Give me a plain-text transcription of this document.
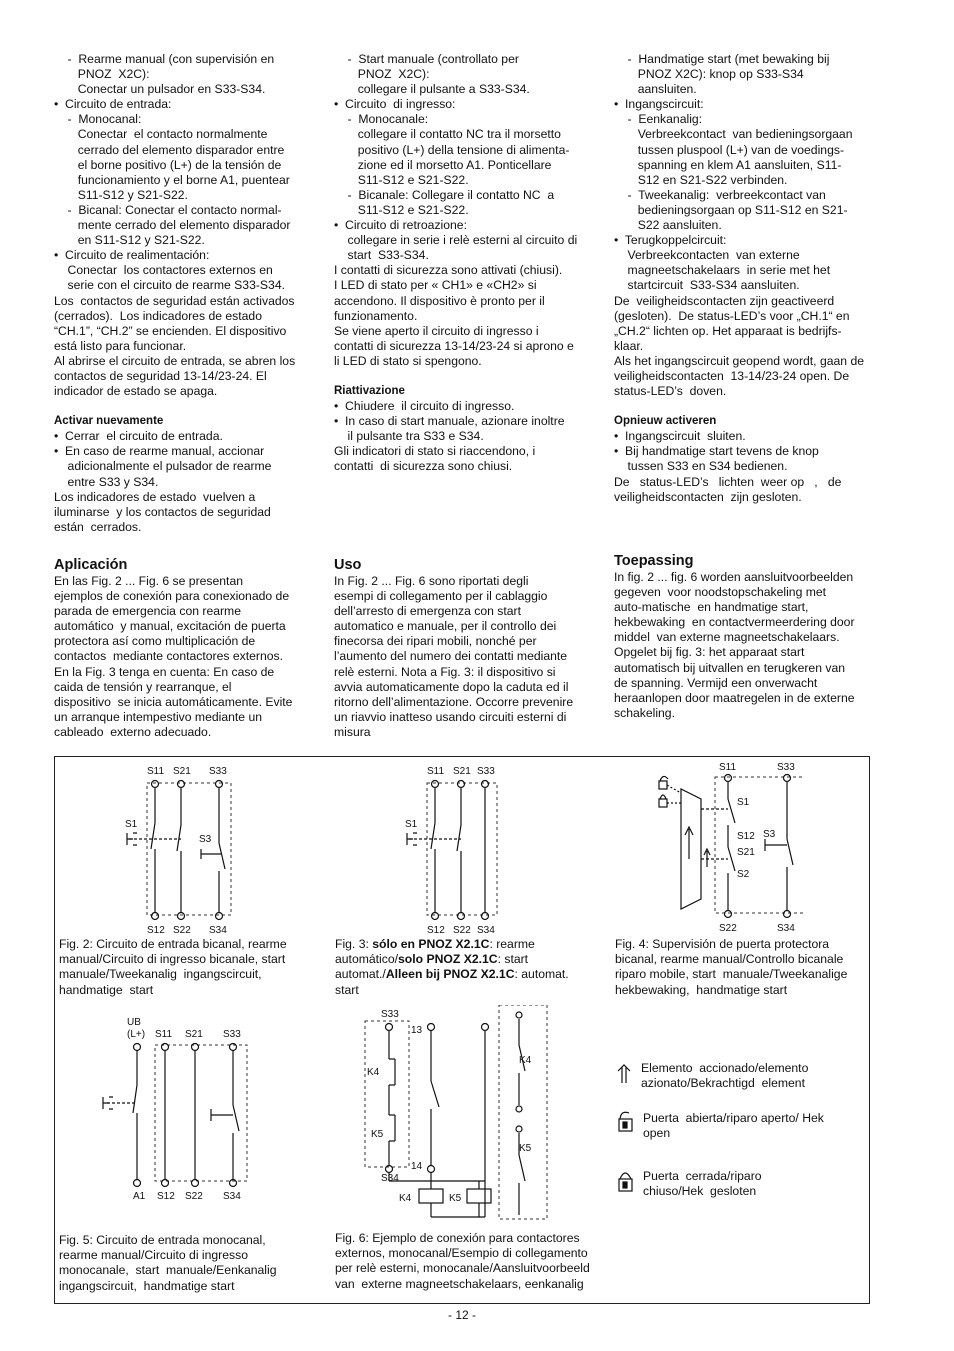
-  Rearme manual (con supervisión en
PNOZ  X2C):
Conectar un pulsador en S33-S34.
•  Circuito de entrada:
-  Monocanal:
Conectar  el contacto normalmente
cerrado del elemento disparador entre
el borne positivo (L+) de la tensión de
funcionamiento y el borne A1, puentear
S11-S12 y S21-S22.
-  Bicanal: Conectar el contacto normal-
mente cerrado del elemento disparador
en S11-S12 y S21-S22.
•  Circuito de realimentación:
Conectar  los contactores externos en
serie con el circuito de rearme S33-S34.
Los  contactos de seguridad están activados
(cerrados).  Los indicadores de estado
“CH.1”, “CH.2” se encienden. El dispositivo
está listo para funcionar.
Al abrirse el circuito de entrada, se abren los
contactos de seguridad 13-14/23-24. El
indicador de estado se apaga.
Activar nuevamente
•  Cerrar  el circuito de entrada.
•  En caso de rearme manual, accionar
adicionalmente el pulsador de rearme
entre S33 y S34.
Los indicadores de estado  vuelven a
iluminarse  y los contactos de seguridad
están  cerrados.
Aplicación
En las Fig. 2 ... Fig. 6 se presentan
ejemplos de conexión para conexionado de
parada de emergencia con rearme
automático  y manual, excitación de puerta
protectora así como multiplicación de
contactos  mediante contactores externos.
En la Fig. 3 tenga en cuenta: En caso de
caida de tensión y rearranque, el
dispositivo  se inicia automáticamente. Evite
un arranque intempestivo mediante un
cableado  externo adecuado.
-  Start manuale (controllato per
PNOZ  X2C):
collegare il pulsante a S33-S34.
•  Circuito  di ingresso:
-  Monocanale:
collegare il contatto NC tra il morsetto
positivo (L+) della tensione di alimenta-
zione ed il morsetto A1. Ponticellare
S11-S12 e S21-S22.
-  Bicanale: Collegare il contatto NC  a
S11-S12 e S21-S22.
•  Circuito di retroazione:
collegare in serie i relè esterni al circuito di
start  S33-S34.
I contatti di sicurezza sono attivati (chiusi).
I LED di stato per « CH1» e «CH2» si
accendono. Il dispositivo è pronto per il
funzionamento.
Se viene aperto il circuito di ingresso i
contatti di sicurezza 13-14/23-24 si aprono e
li LED di stato si spengono.
Riattivazione
•  Chiudere  il circuito di ingresso.
•  In caso di start manuale, azionare inoltre
il pulsante tra S33 e S34.
Gli indicatori di stato si riaccendono, i
contatti  di sicurezza sono chiusi.
Uso
In Fig. 2 ... Fig. 6 sono riportati degli
esempi di collegamento per il cablaggio
dell’arresto di emergenza con start
automatico e manuale, per il controllo dei
finecorsa dei ripari mobili, nonché per
l’aumento del numero dei contatti mediante
relè esterni. Nota a Fig. 3: il dispositivo si
avvia automaticamente dopo la caduta ed il
ritorno dell’alimentazione. Occorre prevenire
un riavvio inatteso usando circuiti esterni di
misura
-  Handmatige start (met bewaking bij
PNOZ X2C): knop op S33-S34
aansluiten.
•  Ingangscircuit:
-  Eenkanalig:
Verbreekcontact  van bedieningsorgaan
tussen pluspool (L+) van de voedings-
spanning en klem A1 aansluiten, S11-
S12 en S21-S22 verbinden.
-  Tweekanalig:  verbreekcontact van
bedieningsorgaan op S11-S12 en S21-
S22 aansluiten.
•  Terugkoppelcircuit:
Verbreekcontacten  van externe
magneetschakelaars  in serie met het
startcircuit  S33-S34 aansluiten.
De  veiligheidscontacten zijn geactiveerd
(gesloten).  De status-LED’s voor „CH.1“ en
„CH.2“ lichten op. Het apparaat is bedrijfs-
klaar.
Als het ingangscircuit geopend wordt, gaan de
veiligheidscontacten  13-14/23-24 open. De
status-LED’s  doven.
Opnieuw activeren
•  Ingangscircuit  sluiten.
•  Bij handmatige start tevens de knop
tussen S33 en S34 bedienen.
De   status-LED’s   lichten  weer op   ,   de
veiligheidscontacten  zijn gesloten.
Toepassing
In fig. 2 ... fig. 6 worden aansluitvoorbeelden
gegeven  voor noodstopschakeling met
auto-matische  en handmatige start,
hekbewaking  en contactvermeerdering door
middel  van externe magneetschakelaars.
Opgelet bij fig. 3: het apparaat start
automatisch bij uitvallen en terugkeren van
de spanning. Vermijd een onverwacht
heraanlopen door maatregelen in de externe
schakeling.
S11 S21 S33
S1
S3
S12 S22 S34
Fig. 2: Circuito de entrada bicanal, rearme
manual/Circuito di ingresso bicanale, start
manuale/Tweekanalig  ingangscircuit,
handmatige  start
S11 S21 S33
S1
S12 S22 S34
Fig. 3: sólo en PNOZ X2.1C: rearme
automático/solo PNOZ X2.1C: start
automat./Alleen bij PNOZ X2.1C: automat.
start
S11	S33
S1
S12
S21
S2
S3
S22	S34
Fig. 4: Supervisión de puerta protectora
bicanal, rearme manual/Controllo bicanale
riparo mobile, start  manuale/Tweekanalige
hekbewaking,  handmatige start
UB
(L+) S11 S21 S33
A1 S12 S22 S34
Fig. 5: Circuito de entrada monocanal,
rearme manual/Circuito di ingresso
monocanale,  start  manuale/Eenkanalig
ingangscircuit,  handmatige start
S33
13
K4
K5
14
S34
K4	K5
K4
K5
Fig. 6: Ejemplo de conexión para contactores
externos, monocanal/Esempio di collegamento
per relè esterni, monocanale/Aansluitvoorbeeld
van  externe magneetschakelaars, eenkanalig
Elemento  accionado/elemento
azionato/Bekrachtigd  element
Puerta  abierta/riparo aperto/ Hek
open
Puerta  cerrada/riparo
chiuso/Hek  gesloten
- 12 -
